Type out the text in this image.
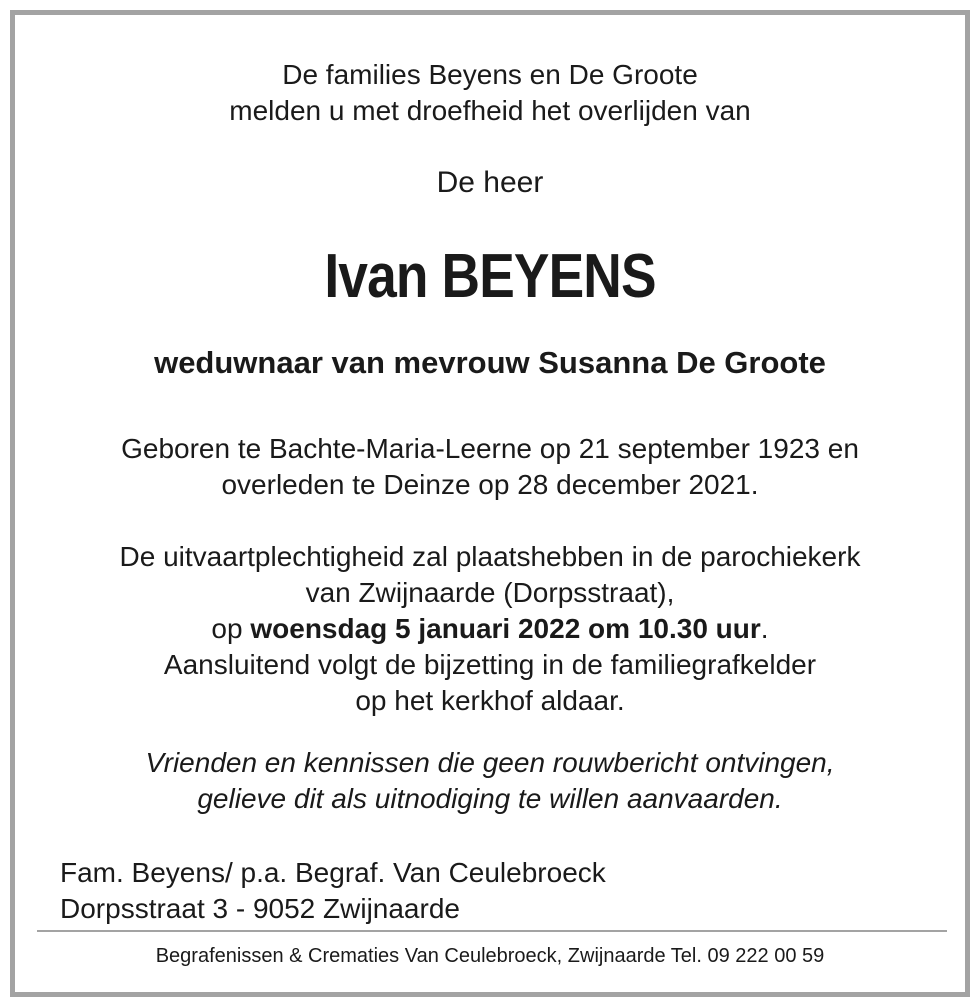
De families Beyens en De Groote
melden u met droefheid het overlijden van
De heer
Ivan BEYENS
weduwnaar van mevrouw Susanna De Groote
Geboren te Bachte-Maria-Leerne op 21 september 1923 en
overleden te Deinze op 28 december 2021.
De uitvaartplechtigheid zal plaatshebben in de parochiekerk
van Zwijnaarde (Dorpsstraat),
op woensdag 5 januari 2022 om 10.30 uur.
Aansluitend volgt de bijzetting in de familiegrafkelder
op het kerkhof aldaar.
Vrienden en kennissen die geen rouwbericht ontvingen,
gelieve dit als uitnodiging te willen aanvaarden.
Fam. Beyens/ p.a. Begraf. Van Ceulebroeck
Dorpsstraat 3 - 9052 Zwijnaarde
Begrafenissen & Crematies Van Ceulebroeck, Zwijnaarde Tel. 09 222 00 59
